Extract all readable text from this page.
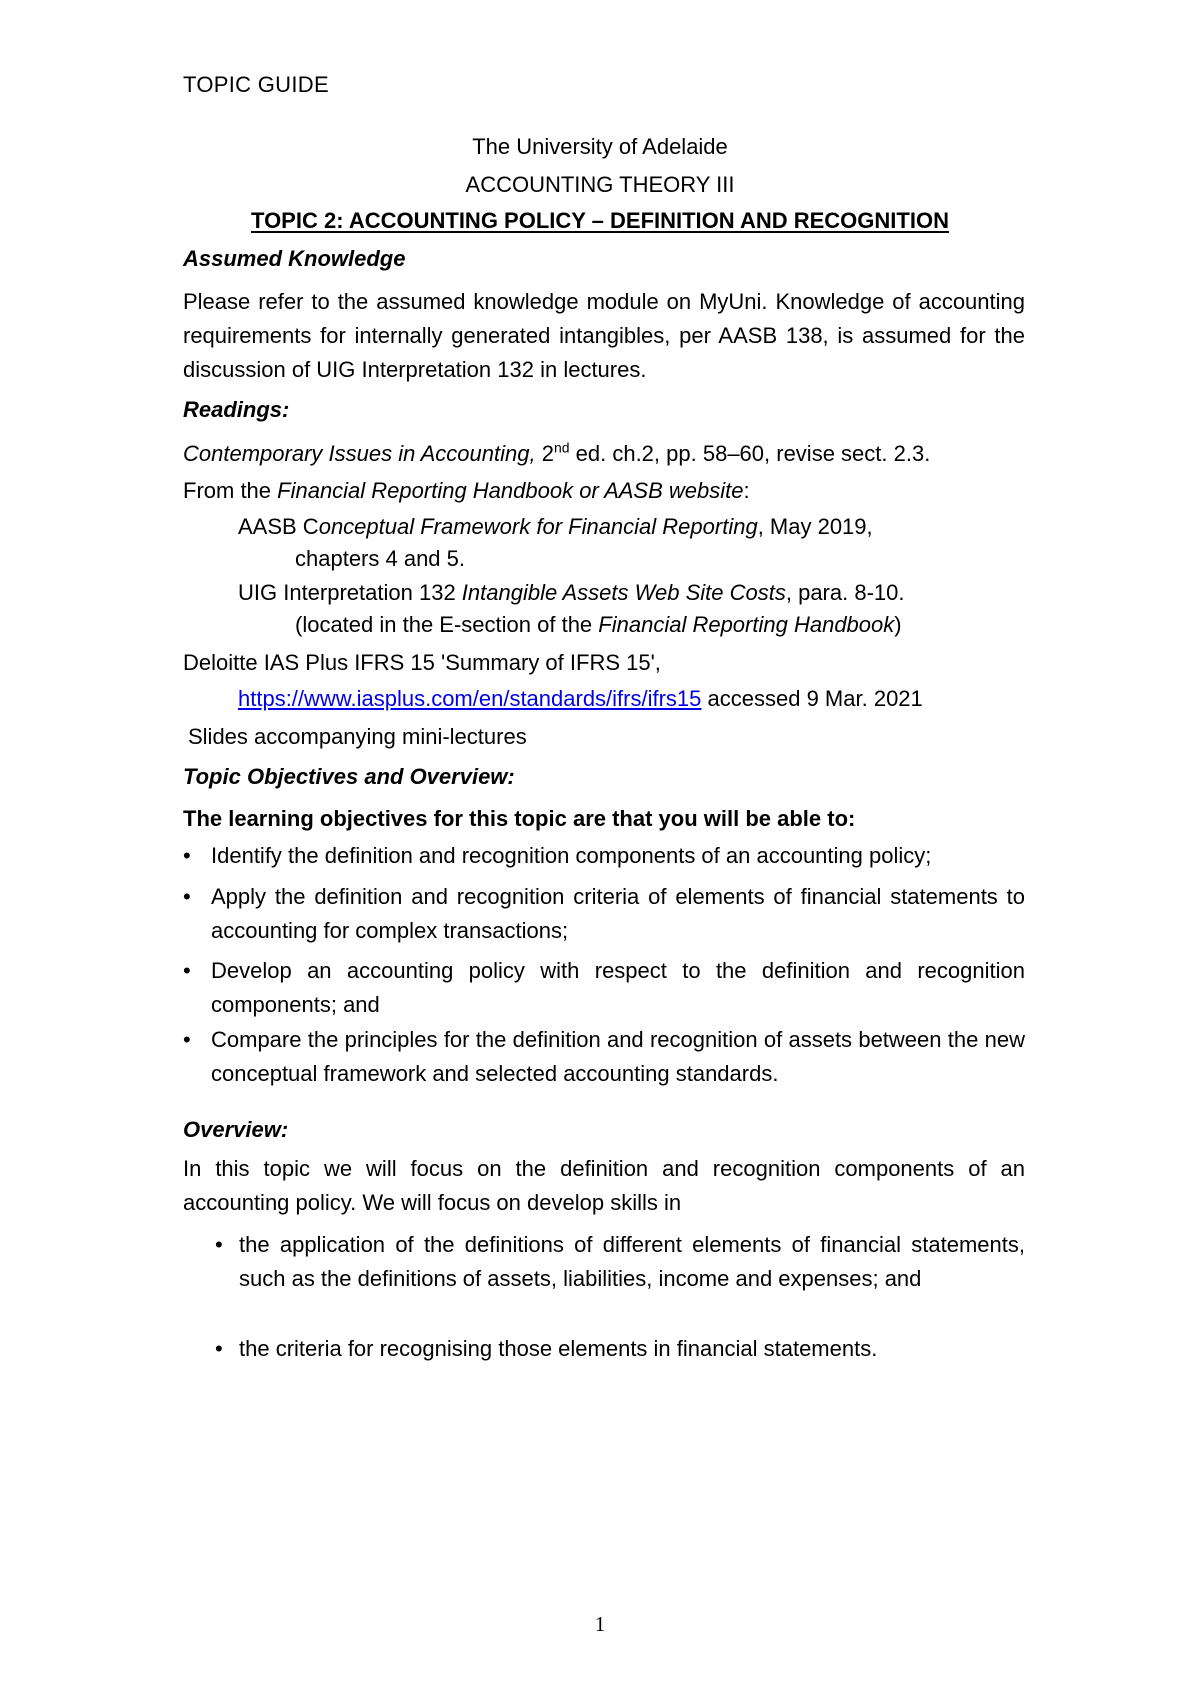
TOPIC GUIDE
The University of Adelaide
ACCOUNTING THEORY III
TOPIC 2: ACCOUNTING POLICY – DEFINITION AND RECOGNITION
Assumed Knowledge
Please refer to the assumed knowledge module on MyUni. Knowledge of accounting requirements for internally generated intangibles, per AASB 138, is assumed for the discussion of UIG Interpretation 132 in lectures.
Readings:
Contemporary Issues in Accounting, 2nd ed. ch.2, pp. 58–60, revise sect. 2.3.
From the Financial Reporting Handbook or AASB website:
AASB Conceptual Framework for Financial Reporting, May 2019,
chapters 4 and 5.
UIG Interpretation 132 Intangible Assets Web Site Costs, para. 8-10.
(located in the E-section of the Financial Reporting Handbook)
Deloitte IAS Plus IFRS 15 'Summary of IFRS 15',
https://www.iasplus.com/en/standards/ifrs/ifrs15 accessed 9 Mar. 2021
Slides accompanying mini-lectures
Topic Objectives and Overview:
The learning objectives for this topic are that you will be able to:
• Identify the definition and recognition components of an accounting policy;
• Apply the definition and recognition criteria of elements of financial statements to accounting for complex transactions;
• Develop an accounting policy with respect to the definition and recognition components; and
• Compare the principles for the definition and recognition of assets between the new conceptual framework and selected accounting standards.
Overview:
In this topic we will focus on the definition and recognition components of an accounting policy. We will focus on develop skills in
• the application of the definitions of different elements of financial statements, such as the definitions of assets, liabilities, income and expenses; and
• the criteria for recognising those elements in financial statements.
1
